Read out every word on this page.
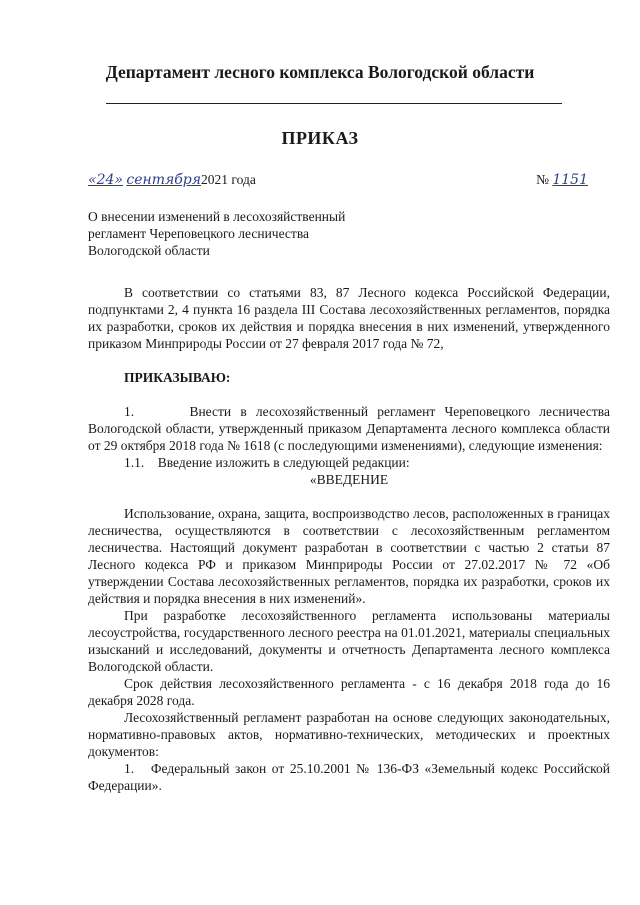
Департамент лесного комплекса Вологодской области
ПРИКАЗ
«24» сентября2021 года	№ 1151
О внесении изменений в лесохозяйственный
регламент Череповецкого лесничества
Вологодской области

В соответствии со статьями 83, 87 Лесного кодекса Российской Федерации, подпунктами 2, 4 пункта 16 раздела III Состава лесохозяйственных регламентов, порядка их разработки, сроков их действия и порядка внесения в них изменений, утвержденного приказом Минприроды России от 27 февраля 2017 года № 72,

ПРИКАЗЫВАЮ:

1.      Внести в лесохозяйственный регламент Череповецкого лесничества Вологодской области, утвержденный приказом Департамента лесного комплекса области от 29 октября 2018 года № 1618 (с последующими изменениями), следующие изменения:

1.1.    Введение изложить в следующей редакции:

«ВВЕДЕНИЕ

Использование, охрана, защита, воспроизводство лесов, расположенных в границах лесничества, осуществляются в соответствии с лесохозяйственным регламентом лесничества. Настоящий документ разработан в соответствии с частью 2 статьи 87 Лесного кодекса РФ и приказом Минприроды России от 27.02.2017 № 72 «Об утверждении Состава лесохозяйственных регламентов, порядка их разработки, сроков их действия и порядка внесения в них изменений».

При разработке лесохозяйственного регламента использованы материалы лесоустройства, государственного лесного реестра на 01.01.2021, материалы специальных изысканий и исследований, документы и отчетность Департамента лесного комплекса Вологодской области.

Срок действия лесохозяйственного регламента - с 16 декабря 2018 года до 16 декабря 2028 года.

Лесохозяйственный регламент разработан на основе следующих законодательных, нормативно-правовых актов, нормативно-технических, методических и проектных документов:

1.   Федеральный закон от 25.10.2001 № 136-ФЗ «Земельный кодекс Российской Федерации».
